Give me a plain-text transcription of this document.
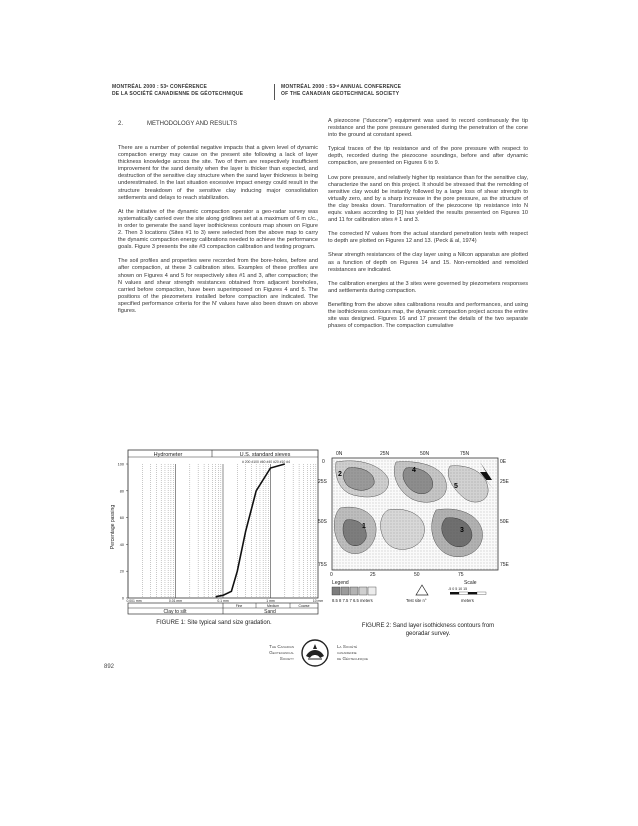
MONTRÉAL 2000 : 53ᵉ CONFÉRENCE
DE LA SOCIÉTÉ CANADIENNE DE GÉOTECHNIQUE
MONTRÉAL 2000 : 53ʳᵈ ANNUAL CONFERENCE
OF THE CANADIAN GEOTECHNICAL SOCIETY
2.	METHODOLOGY AND RESULTS

There are a number of potential negative impacts that a given level of dynamic compaction energy may cause on the present site following a lack of layer thickness knowledge across the site. Two of them are respectively insufficient improvement for the sand density when the layer is thicker than expected, and destruction of the sensitive clay structure when the sand layer thickness is being underestimated. In the last situation excessive impact energy could result in the structure breakdown of the sensitive clay inducing major consolidation settlements and delays to reach stabilization.

At the initiative of the dynamic compaction operator a geo-radar survey was systematically carried over the site along gridlines set at a maximum of 6 m c/c., in order to generate the sand layer isothickness contours map shown on Figure 2. Then 3 locations (Sites #1 to 3) were selected from the above map to carry the dynamic compaction energy calibrations needed to achieve the performance goals. Figure 3 presents the site #3 compaction calibration and testing program.

The soil profiles and properties were recorded from the bore-holes, before and after compaction, at these 3 calibration sites. Examples of these profiles are shown on Figures 4 and 5 for respectively sites #1 and 3, after compaction; the N values and shear strength resistances obtained from adjacent boreholes, carried before compaction, have been superimposed on Figures 4 and 5. The positions of the piezometers installed before compaction are indicated. The specified performance criteria for the N' values have also been drawn on above figures.

A piezocone ("duocone") equipment was used to record continuously the tip resistance and the pore pressure generated during the penetration of the cone into the ground at constant speed.

Typical traces of the tip resistance and of the pore pressure with respect to depth, recorded during the piezocone soundings, before and after dynamic compaction, are presented on Figures 6 to 9.

Low pore pressure, and relatively higher tip resistance than for the sensitive clay, characterize the sand on this project. It should be stressed that the remolding of sensitive clay would be instantly followed by a large loss of shear strength to virtually zero, and by a sharp increase in the pore pressure, as the structure of the clay breaks down. Transformation of the piezocone tip resistance into N equiv. values according to [3] has yielded the results presented on Figures 10 and 11 for calibration sites # 1 and 3.

The corrected N' values from the actual standard penetration tests with respect to depth are plotted on Figures 12 and 13. (Peck & al, 1974)

Shear strength resistances of the clay layer using a Nilcon apparatus are plotted as a function of depth on Figures 14 and 15. Non-remolded and remolded resistances are indicated.

The calibration energies at the 3 sites were governed by piezometers responses and settlements during compaction.

Benefiting from the above sites calibrations results and performances, and using the isothickness contours map, the dynamic compaction project across the entire site was designed. Figures 16 and 17 present the details of the two separate phases of compaction. The compaction cumulative

Hydrometer	U.S. standard sieves
# 200 #100 #60 #40 #20 #10 #4
100
80
60
40
20
0
0.001 mm	0.01 mm	0.1 mm	1 mm	10 mm
Percentage passing
Fine	Medium	Coarse
Clay to silt	Sand
FIGURE 1: Site typical sand size gradation.
0N	25N	50N	75N
0
25S
50S
75S
0E
25E
50E
75E
1
2
3
4
5
0	25	50	75
Legend
8.5 8 7.5 7 6.5 meters	Test site n°
Scale
-5 0 5 10 15
meters
FIGURE 2: Sand layer isothickness contours from
georadar survey.
892
The Canadian
Geotechnical
Society
La Société
canadienne
de Géotechnique
